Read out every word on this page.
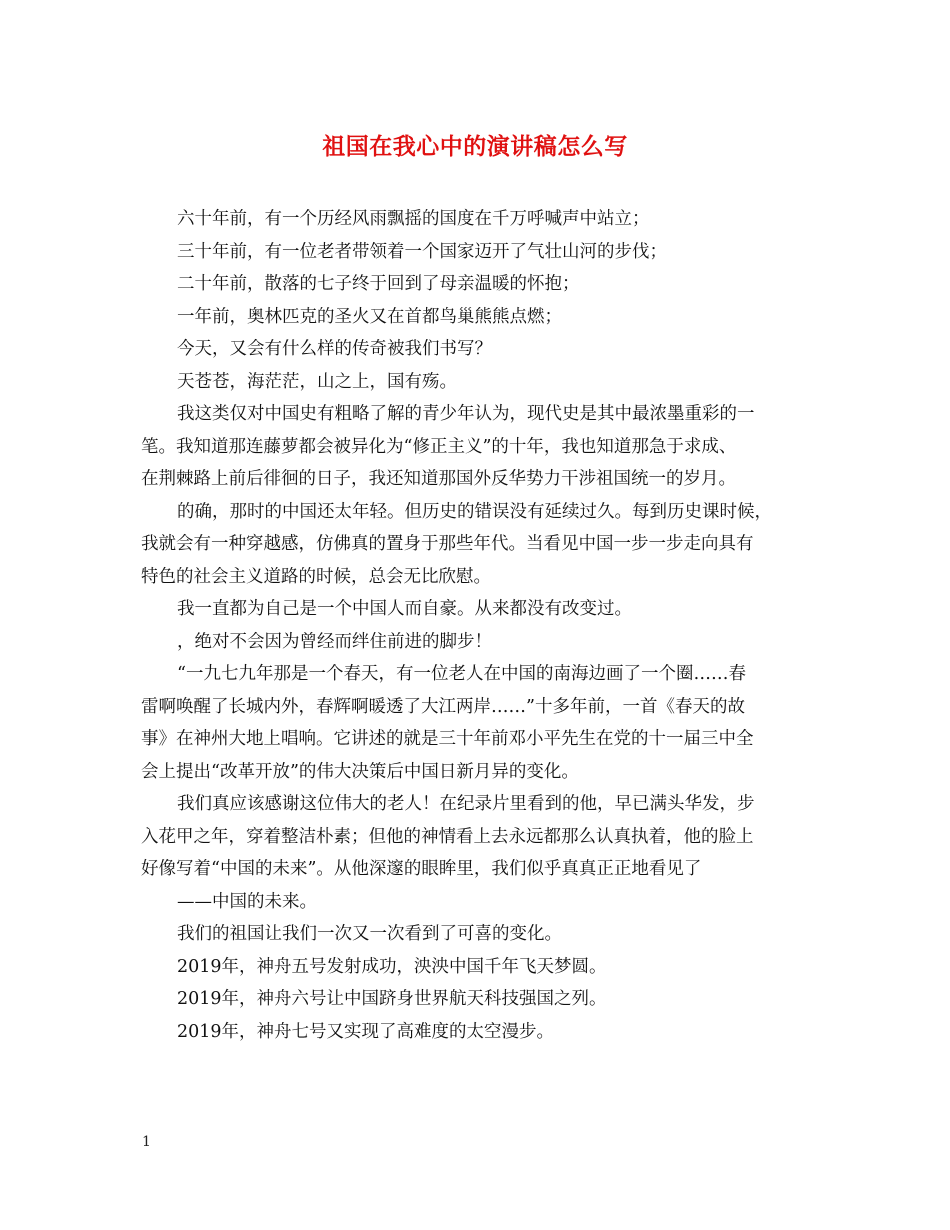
祖国在我心中的演讲稿怎么写

六十年前，有一个历经风雨飘摇的国度在千万呼喊声中站立；

三十年前，有一位老者带领着一个国家迈开了气壮山河的步伐；

二十年前，散落的七子终于回到了母亲温暖的怀抱；

一年前，奥林匹克的圣火又在首都鸟巢熊熊点燃；

今天，又会有什么样的传奇被我们书写？

天苍苍，海茫茫，山之上，国有殇。

我这类仅对中国史有粗略了解的青少年认为，现代史是其中最浓墨重彩的一
笔。我知道那连藤萝都会被异化为“修正主义”的十年，我也知道那急于求成、
在荆棘路上前后徘徊的日子，我还知道那国外反华势力干涉祖国统一的岁月。

的确，那时的中国还太年轻。但历史的错误没有延续过久。每到历史课时候，
我就会有一种穿越感，仿佛真的置身于那些年代。当看见中国一步一步走向具有
特色的社会主义道路的时候，总会无比欣慰。

我一直都为自己是一个中国人而自豪。从来都没有改变过。

，绝对不会因为曾经而绊住前进的脚步！

“一九七九年那是一个春天，有一位老人在中国的南海边画了一个圈……春
雷啊唤醒了长城内外，春辉啊暖透了大江两岸……”十多年前，一首《春天的故
事》在神州大地上唱响。它讲述的就是三十年前邓小平先生在党的十一届三中全
会上提出“改革开放”的伟大决策后中国日新月异的变化。

我们真应该感谢这位伟大的老人！在纪录片里看到的他，早已满头华发，步
入花甲之年，穿着整洁朴素；但他的神情看上去永远都那么认真执着，他的脸上
好像写着“中国的未来”。从他深邃的眼眸里，我们似乎真真正正地看见了

——中国的未来。

我们的祖国让我们一次又一次看到了可喜的变化。

2019年，神舟五号发射成功，泱泱中国千年飞天梦圆。

2019年，神舟六号让中国跻身世界航天科技强国之列。

2019年，神舟七号又实现了高难度的太空漫步。

1
